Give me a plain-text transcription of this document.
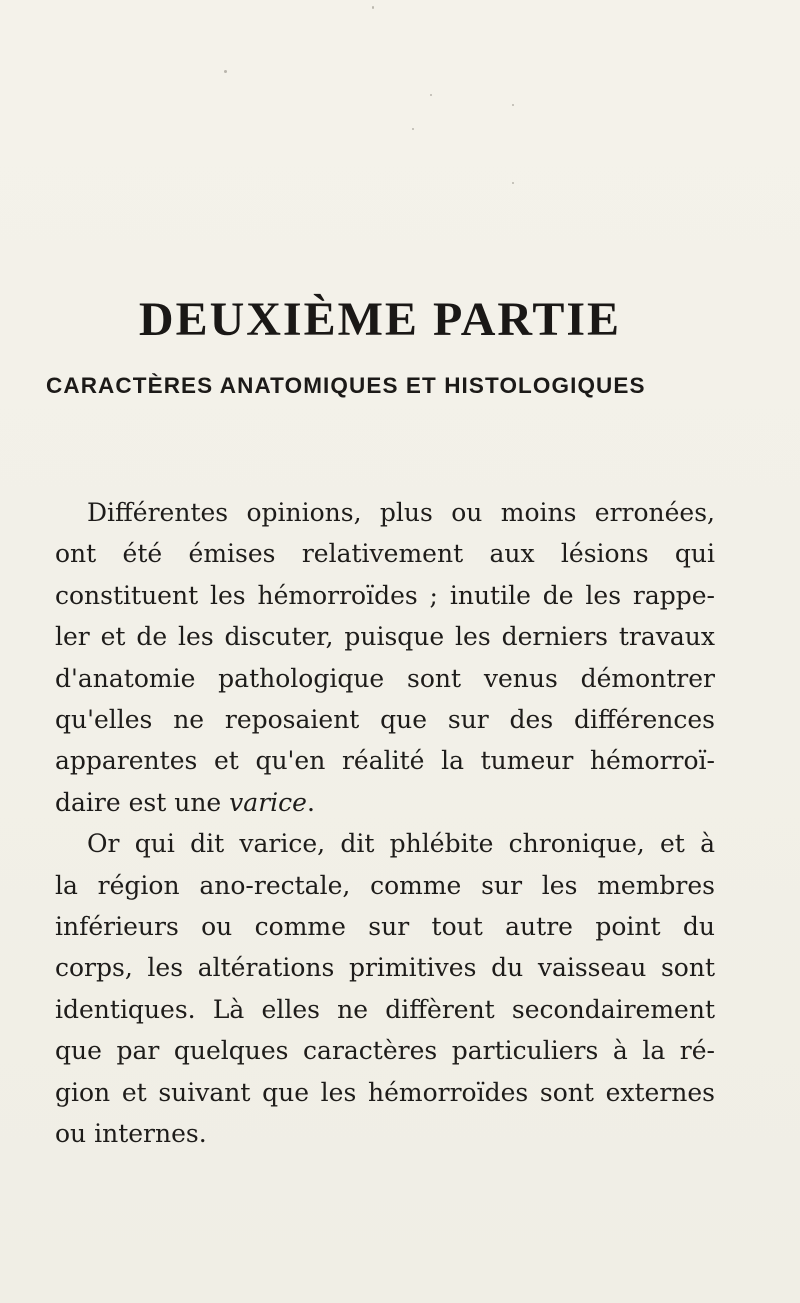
DEUXIÈME PARTIE
CARACTÈRES ANATOMIQUES ET HISTOLOGIQUES

Différentes opinions, plus ou moins erronées,
ont été émises relativement aux lésions qui
constituent les hémorroïdes ; inutile de les rappe-
ler et de les discuter, puisque les derniers travaux
d'anatomie pathologique sont venus démontrer
qu'elles ne reposaient que sur des différences
apparentes et qu'en réalité la tumeur hémorroï-
daire est une varice.

Or qui dit varice, dit phlébite chronique, et à
la région ano-rectale, comme sur les membres
inférieurs ou comme sur tout autre point du
corps, les altérations primitives du vaisseau sont
identiques. Là elles ne diffèrent secondairement
que par quelques caractères particuliers à la ré-
gion et suivant que les hémorroïdes sont externes
ou internes.
